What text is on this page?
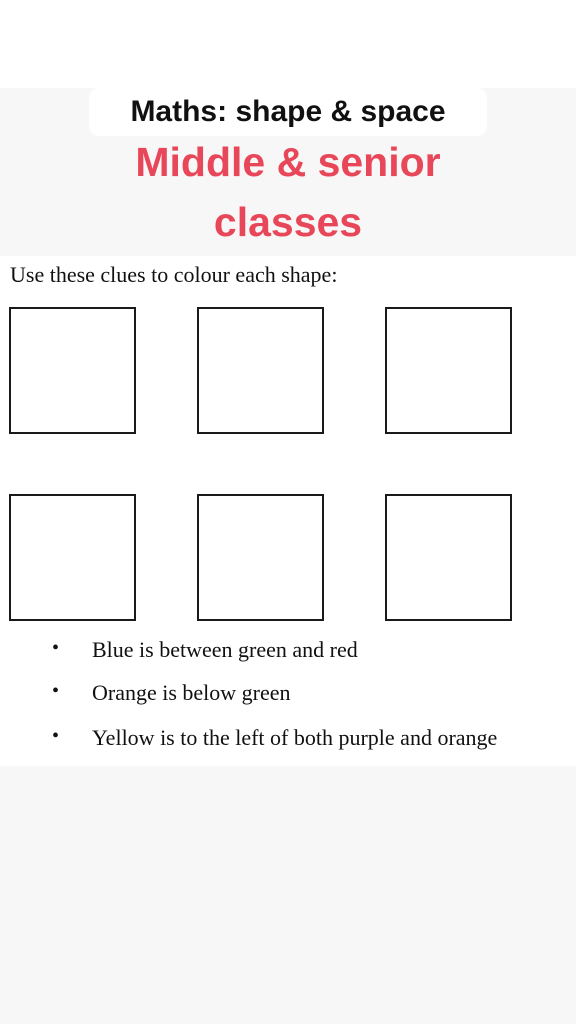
Maths: shape & space
Middle & senior
classes
Use these clues to colour each shape:
• Blue is between green and red
• Orange is below green
• Yellow is to the left of both purple and orange
